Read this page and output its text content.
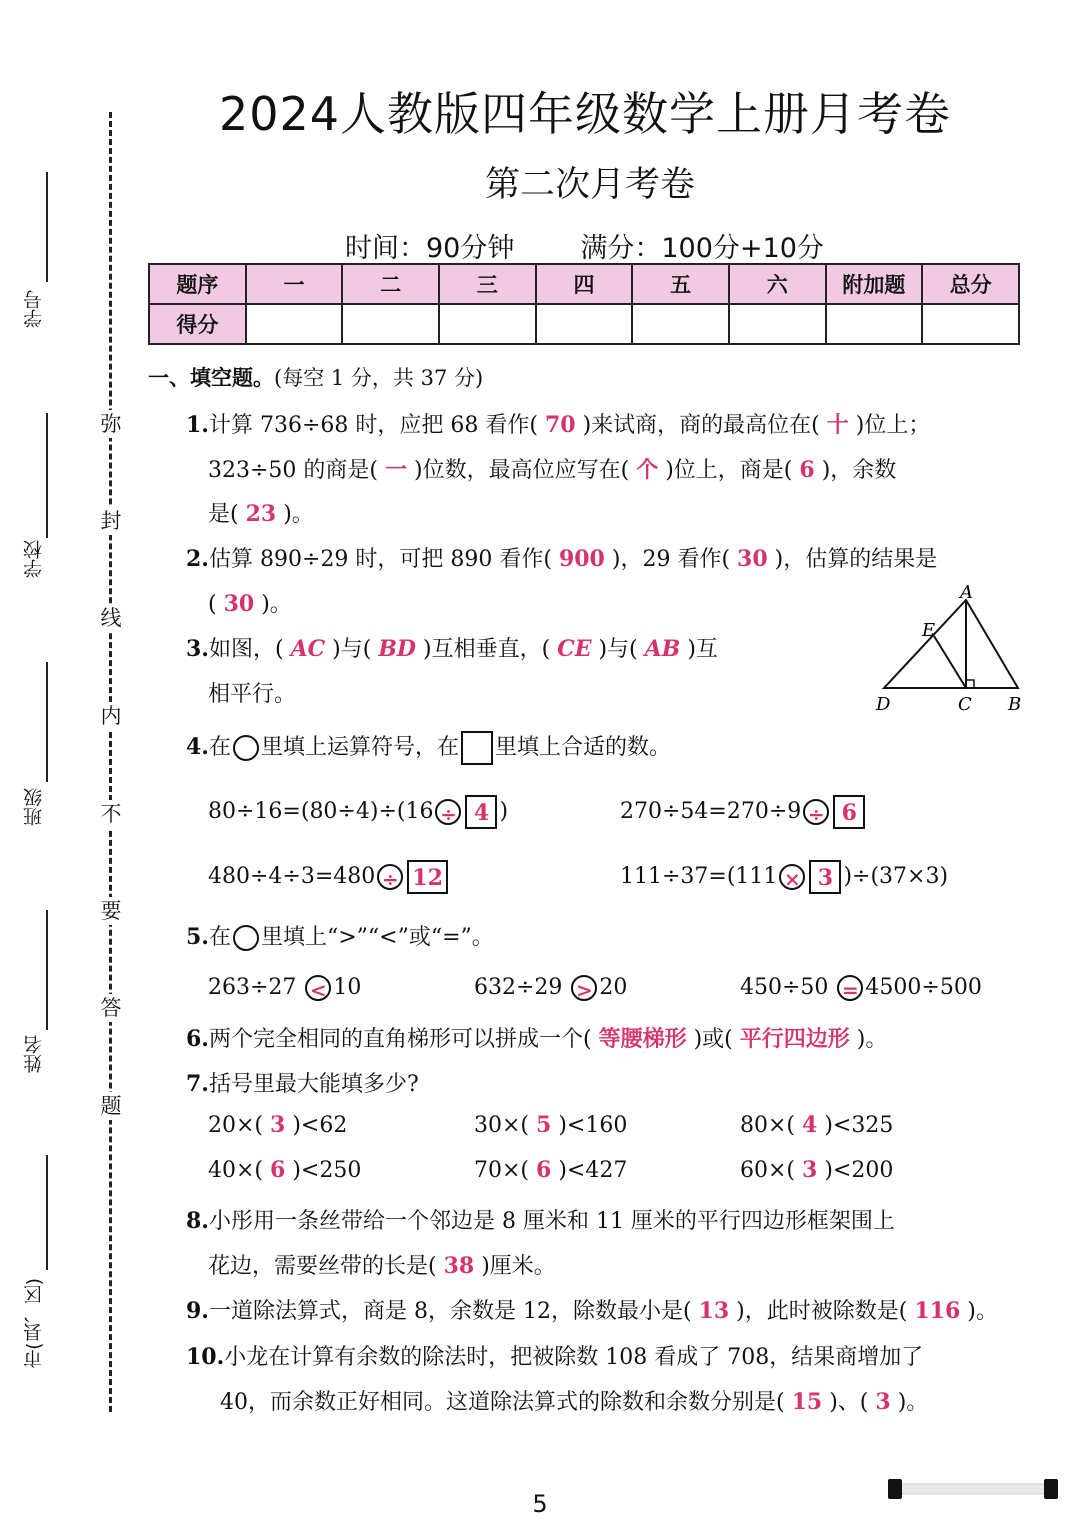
弥
封
线
内
不
要
答
题
学号
学校
班级
姓名
市(县、区)
2024人教版四年级数学上册月考卷
第二次月考卷
时间：90分钟 满分：100分+10分
题序	一	二	三	四	五	六	附加题	总分
得分								
一、填空题。(每空 1 分，共 37 分)
1.计算 736÷68 时，应把 68 看作( 70 )来试商，商的最高位在( 十 )位上；
323÷50 的商是( 一 )位数，最高位应写在( 个 )位上，商是( 6 )，余数
是( 23 )。
2.估算 890÷29 时，可把 890 看作( 900 )，29 看作( 30 )，估算的结果是
( 30 )。
3.如图，( AC )与( BD )互相垂直，( CE )与( AB )互
相平行。
A
E
D	C B
4.在 里填上运算符号，在 里填上合适的数。
80÷16=(80÷4)÷(16 ÷ 4 )	270÷54=270÷9 ÷ 6
480÷4÷3=480 ÷ 12	111÷37=(111 × 3 )÷(37×3)
5.在 里填上“>”“<”或“=”。
263÷27 < 10	632÷29 > 20	450÷50 = 4500÷500
6.两个完全相同的直角梯形可以拼成一个( 等腰梯形 )或( 平行四边形 )。
7.括号里最大能填多少?
20×( 3 )<62	30×( 5 )<160	80×( 4 )<325
40×( 6 )<250	70×( 6 )<427	60×( 3 )<200
8.小彤用一条丝带给一个邻边是 8 厘米和 11 厘米的平行四边形框架围上
花边，需要丝带的长是( 38 )厘米。
9.一道除法算式，商是 8，余数是 12，除数最小是( 13 )，此时被除数是( 116 )。
10.小龙在计算有余数的除法时，把被除数 108 看成了 708，结果商增加了
40，而余数正好相同。这道除法算式的除数和余数分别是( 15 )、( 3 )。
5
